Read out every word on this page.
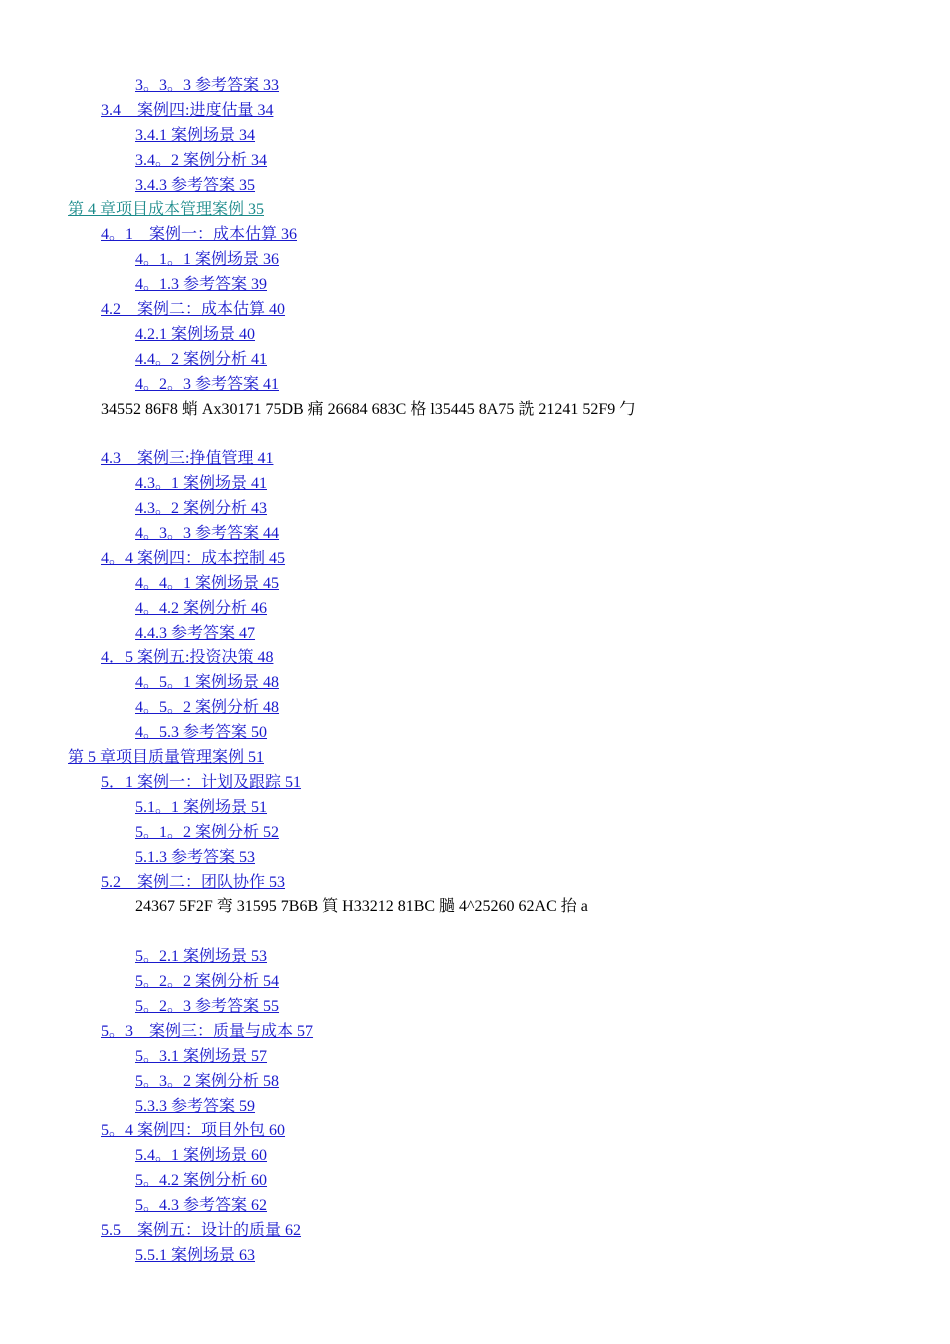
3。3。3 参考答案 33
3.4　案例四:进度估量 34
3.4.1 案例场景 34
3.4。2 案例分析 34
3.4.3 参考答案 35
第 4 章项目成本管理案例 35
4。1　案例一：成本估算 36
4。1。1 案例场景 36
4。1.3 参考答案 39
4.2　案例二：成本估算 40
4.2.1 案例场景 40
4.4。2 案例分析 41
4。2。3 参考答案 41
34552 86F8 蛸 Ax30171 75DB 痛 26684 683C 格 l35445 8A75 詵 21241 52F9 勹
4.3　案例三:挣值管理 41
4.3。1 案例场景 41
4.3。2 案例分析 43
4。3。3 参考答案 44
4。4 案例四：成本控制 45
4。4。1 案例场景 45
4。4.2 案例分析 46
4.4.3 参考答案 47
4．5 案例五:投资决策 48
4。5。1 案例场景 48
4。5。2 案例分析 48
4。5.3 参考答案 50
第 5 章项目质量管理案例 51
5．1 案例一：计划及跟踪 51
5.1。1 案例场景 51
5。1。2 案例分析 52
5.1.3 参考答案 53
5.2　案例二：团队协作 53
24367 5F2F 弯 31595 7B6B 筫 H33212 81BC 膼 4^25260 62AC 抬 a
5。2.1 案例场景 53
5。2。2 案例分析 54
5。2。3 参考答案 55
5。3　案例三：质量与成本 57
5。3.1 案例场景 57
5。3。2 案例分析 58
5.3.3 参考答案 59
5。4 案例四：项目外包 60
5.4。1 案例场景 60
5。4.2 案例分析 60
5。4.3 参考答案 62
5.5　案例五：设计的质量 62
5.5.1 案例场景 63
